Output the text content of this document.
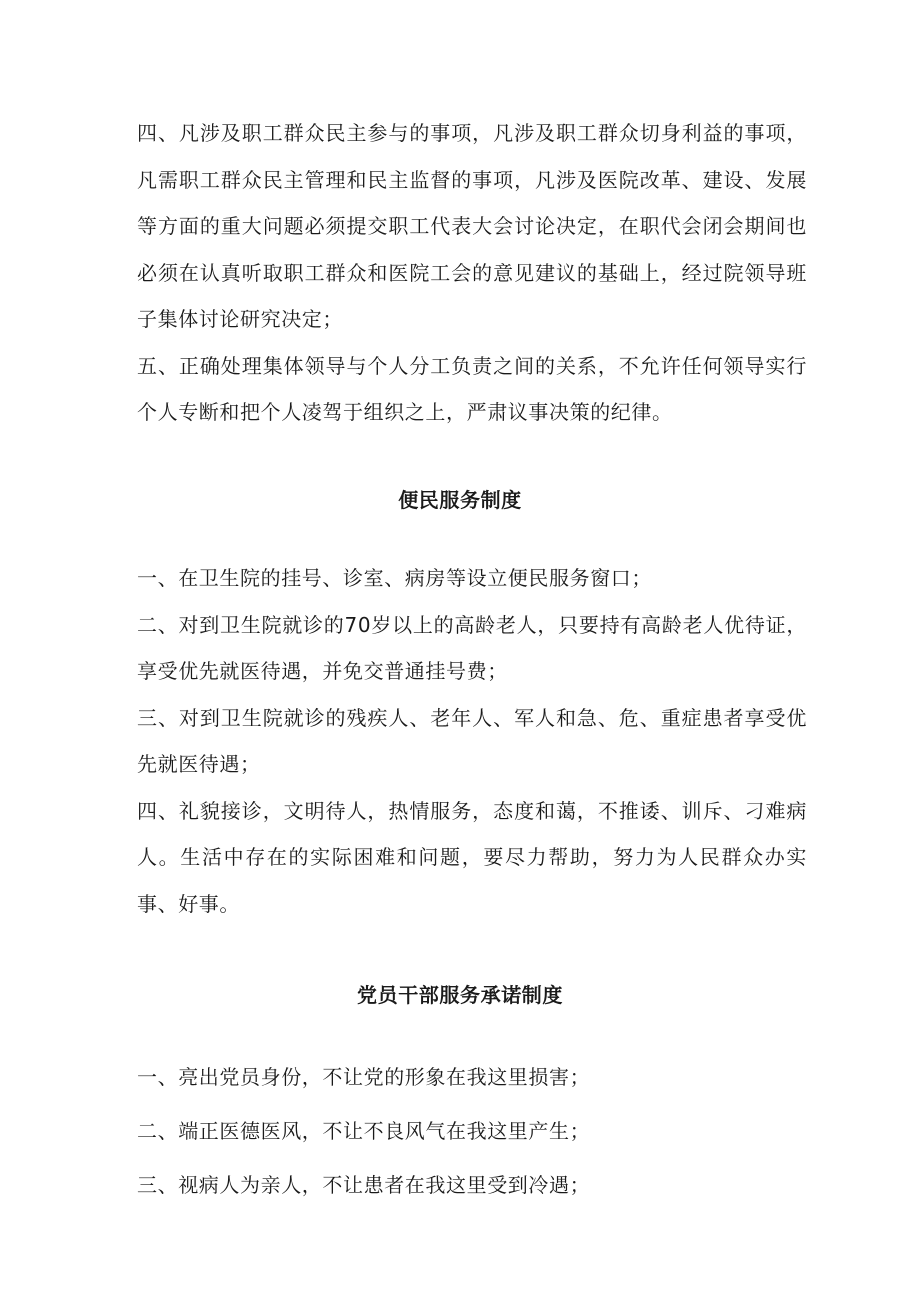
四、凡涉及职工群众民主参与的事项，凡涉及职工群众切身利益的事项，凡需职工群众民主管理和民主监督的事项，凡涉及医院改革、建设、发展等方面的重大问题必须提交职工代表大会讨论决定，在职代会闭会期间也必须在认真听取职工群众和医院工会的意见建议的基础上，经过院领导班子集体讨论研究决定；

五、正确处理集体领导与个人分工负责之间的关系，不允许任何领导实行个人专断和把个人凌驾于组织之上，严肃议事决策的纪律。

便民服务制度

一、在卫生院的挂号、诊室、病房等设立便民服务窗口；

二、对到卫生院就诊的70岁以上的高龄老人，只要持有高龄老人优待证，享受优先就医待遇，并免交普通挂号费；

三、对到卫生院就诊的残疾人、老年人、军人和急、危、重症患者享受优先就医待遇；

四、礼貌接诊，文明待人，热情服务，态度和蔼，不推诿、训斥、刁难病人。生活中存在的实际困难和问题，要尽力帮助，努力为人民群众办实事、好事。

党员干部服务承诺制度

一、亮出党员身份，不让党的形象在我这里损害；

二、端正医德医风，不让不良风气在我这里产生；

三、视病人为亲人，不让患者在我这里受到冷遇；
